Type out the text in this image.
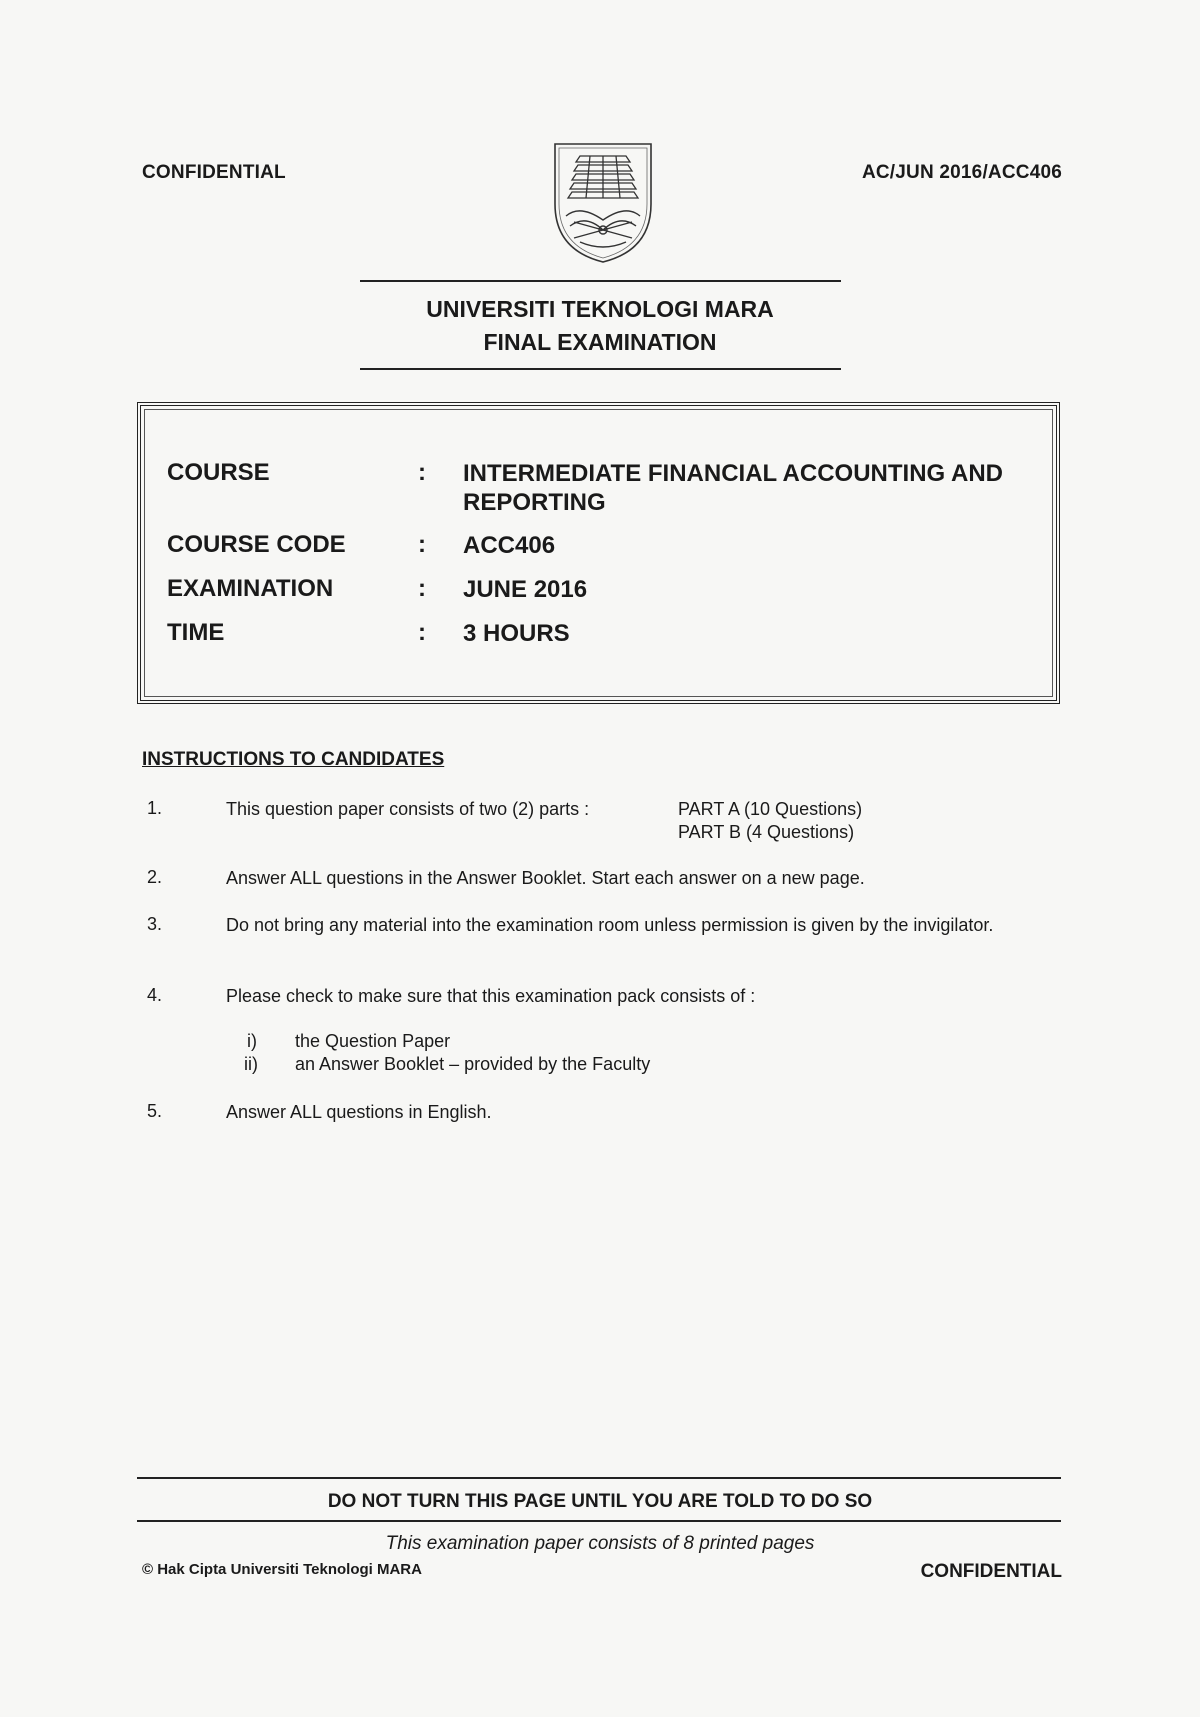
CONFIDENTIAL	AC/JUN 2016/ACC406
UNIVERSITI TEKNOLOGI MARA
FINAL EXAMINATION
COURSE	: INTERMEDIATE FINANCIAL ACCOUNTING AND REPORTING
COURSE CODE	: ACC406
EXAMINATION	: JUNE 2016
TIME	: 3 HOURS
INSTRUCTIONS TO CANDIDATES
1.	This question paper consists of two (2) parts :	PART A (10 Questions)
PART B (4 Questions)
2.	Answer ALL questions in the Answer Booklet. Start each answer on a new page.
3.	Do not bring any material into the examination room unless permission is given by the invigilator.
4.	Please check to make sure that this examination pack consists of :
i) the Question Paper
ii) an Answer Booklet – provided by the Faculty
5.	Answer ALL questions in English.
DO NOT TURN THIS PAGE UNTIL YOU ARE TOLD TO DO SO
This examination paper consists of 8 printed pages
© Hak Cipta Universiti Teknologi MARA	CONFIDENTIAL
